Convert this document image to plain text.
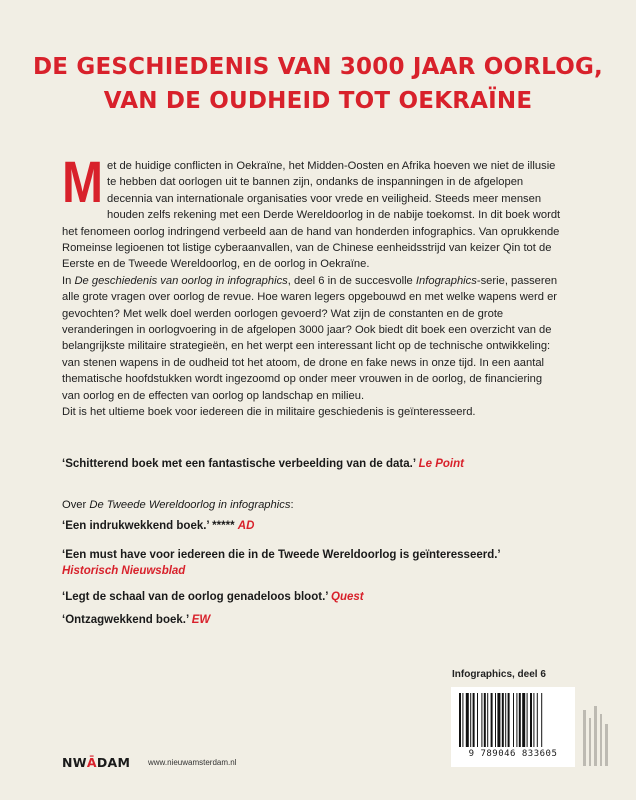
DE GESCHIEDENIS VAN 3000 JAAR OORLOG,
VAN DE OUDHEID TOT OEKRAÏNE

Met de huidige conflicten in Oekraïne, het Midden-Oosten en Afrika hoeven we niet de illusie te hebben dat oorlogen uit te bannen zijn, ondanks de inspanningen in de afgelopen decennia van internationale organisaties voor vrede en veiligheid. Steeds meer mensen houden zelfs rekening met een Derde Wereldoorlog in de nabije toekomst. In dit boek wordt het fenomeen oorlog indringend verbeeld aan de hand van honderden infographics. Van oprukkende Romeinse legioenen tot listige cyberaanvallen, van de Chinese eenheidsstrijd van keizer Qin tot de Eerste en de Tweede Wereldoorlog, en de oorlog in Oekraïne.

In De geschiedenis van oorlog in infographics, deel 6 in de succesvolle Infographics-serie, passeren alle grote vragen over oorlog de revue. Hoe waren legers opgebouwd en met welke wapens werd er gevochten? Met welk doel werden oorlogen gevoerd? Wat zijn de constanten en de grote veranderingen in oorlogvoering in de afgelopen 3000 jaar? Ook biedt dit boek een overzicht van de belangrijkste militaire strategieën, en het werpt een interessant licht op de technische ontwikkeling: van stenen wapens in de oudheid tot het atoom, de drone en fake news in onze tijd. In een aantal thematische hoofdstukken wordt ingezoomd op onder meer vrouwen in de oorlog, de financiering van oorlog en de effecten van oorlog op landschap en milieu.

Dit is het ultieme boek voor iedereen die in militaire geschiedenis is geïnteresseerd.

‘Schitterend boek met een fantastische verbeelding van de data.’ Le Point
Over De Tweede Wereldoorlog in infographics:
‘Een indrukwekkend boek.’ ***** AD
‘Een must have voor iedereen die in de Tweede Wereldoorlog is geïnteresseerd.’
Historisch Nieuwsblad
‘Legt de schaal van de oorlog genadeloos bloot.’ Quest
‘Ontzagwekkend boek.’ EW
Infographics, deel 6
9 789046 833605
NWĀDAM www.nieuwamsterdam.nl
